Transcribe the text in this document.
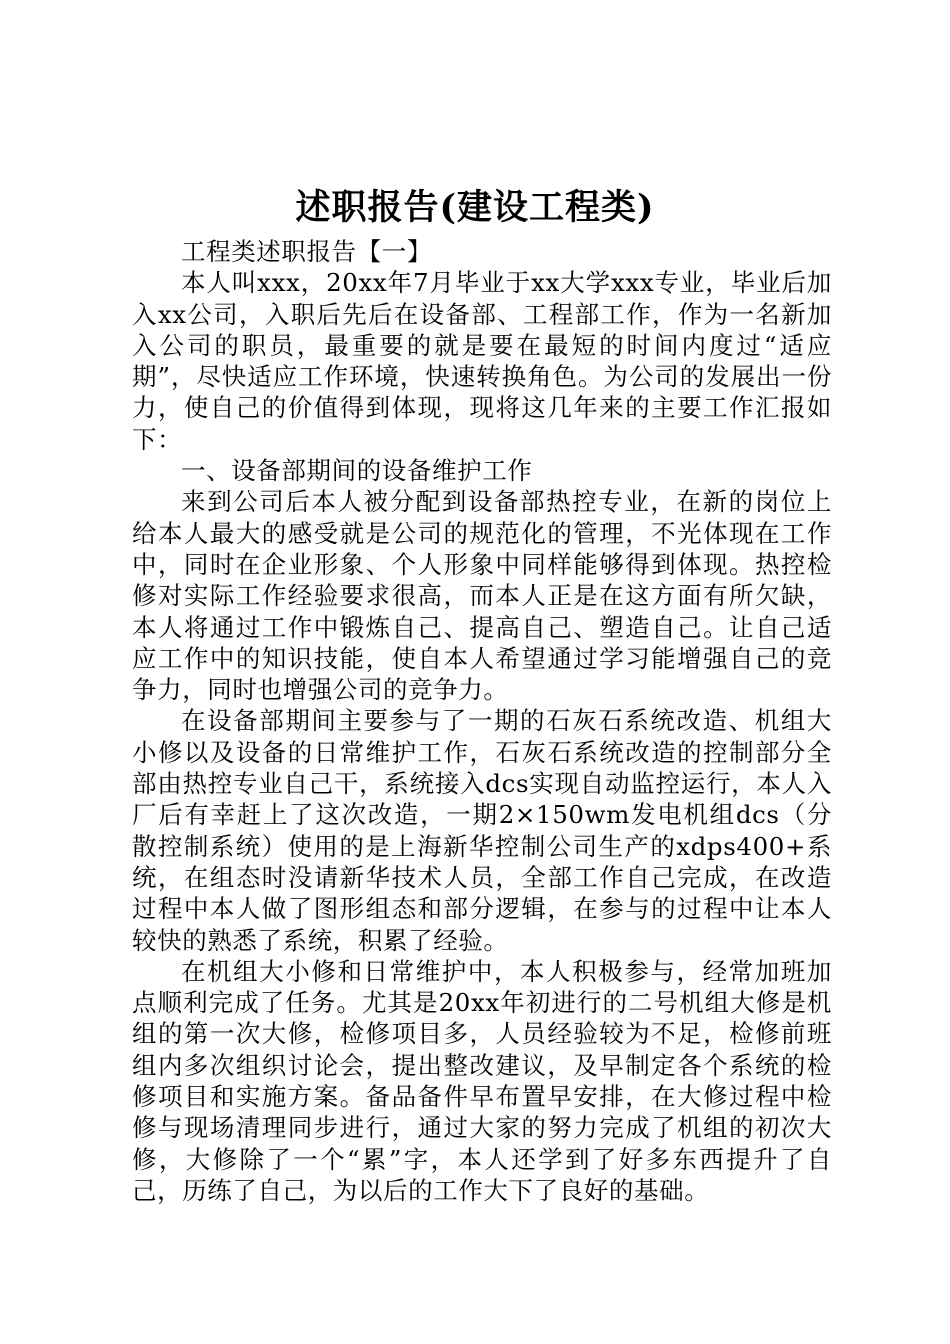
述职报告(建设工程类)

工程类述职报告【一】

本人叫xxx，20xx年7月毕业于xx大学xxx专业，毕业后加入xx公司，入职后先后在设备部、工程部工作，作为一名新加入公司的职员，最重要的就是要在最短的时间内度过“适应期”，尽快适应工作环境，快速转换角色。为公司的发展出一份力，使自己的价值得到体现，现将这几年来的主要工作汇报如下：

一、设备部期间的设备维护工作

来到公司后本人被分配到设备部热控专业，在新的岗位上给本人最大的感受就是公司的规范化的管理，不光体现在工作中，同时在企业形象、个人形象中同样能够得到体现。热控检修对实际工作经验要求很高，而本人正是在这方面有所欠缺，本人将通过工作中锻炼自己、提高自己、塑造自己。让自己适应工作中的知识技能，使自本人希望通过学习能增强自己的竞争力，同时也增强公司的竞争力。

在设备部期间主要参与了一期的石灰石系统改造、机组大小修以及设备的日常维护工作，石灰石系统改造的控制部分全部由热控专业自己干，系统接入dcs实现自动监控运行，本人入厂后有幸赶上了这次改造，一期2×150wm发电机组dcs（分散控制系统）使用的是上海新华控制公司生产的xdps400+系统，在组态时没请新华技术人员，全部工作自己完成，在改造过程中本人做了图形组态和部分逻辑，在参与的过程中让本人较快的熟悉了系统，积累了经验。

在机组大小修和日常维护中，本人积极参与，经常加班加点顺利完成了任务。尤其是20xx年初进行的二号机组大修是机组的第一次大修，检修项目多，人员经验较为不足，检修前班组内多次组织讨论会，提出整改建议，及早制定各个系统的检修项目和实施方案。备品备件早布置早安排，在大修过程中检修与现场清理同步进行，通过大家的努力完成了机组的初次大修，大修除了一个“累”字，本人还学到了好多东西提升了自己，历练了自己，为以后的工作大下了良好的基础。
